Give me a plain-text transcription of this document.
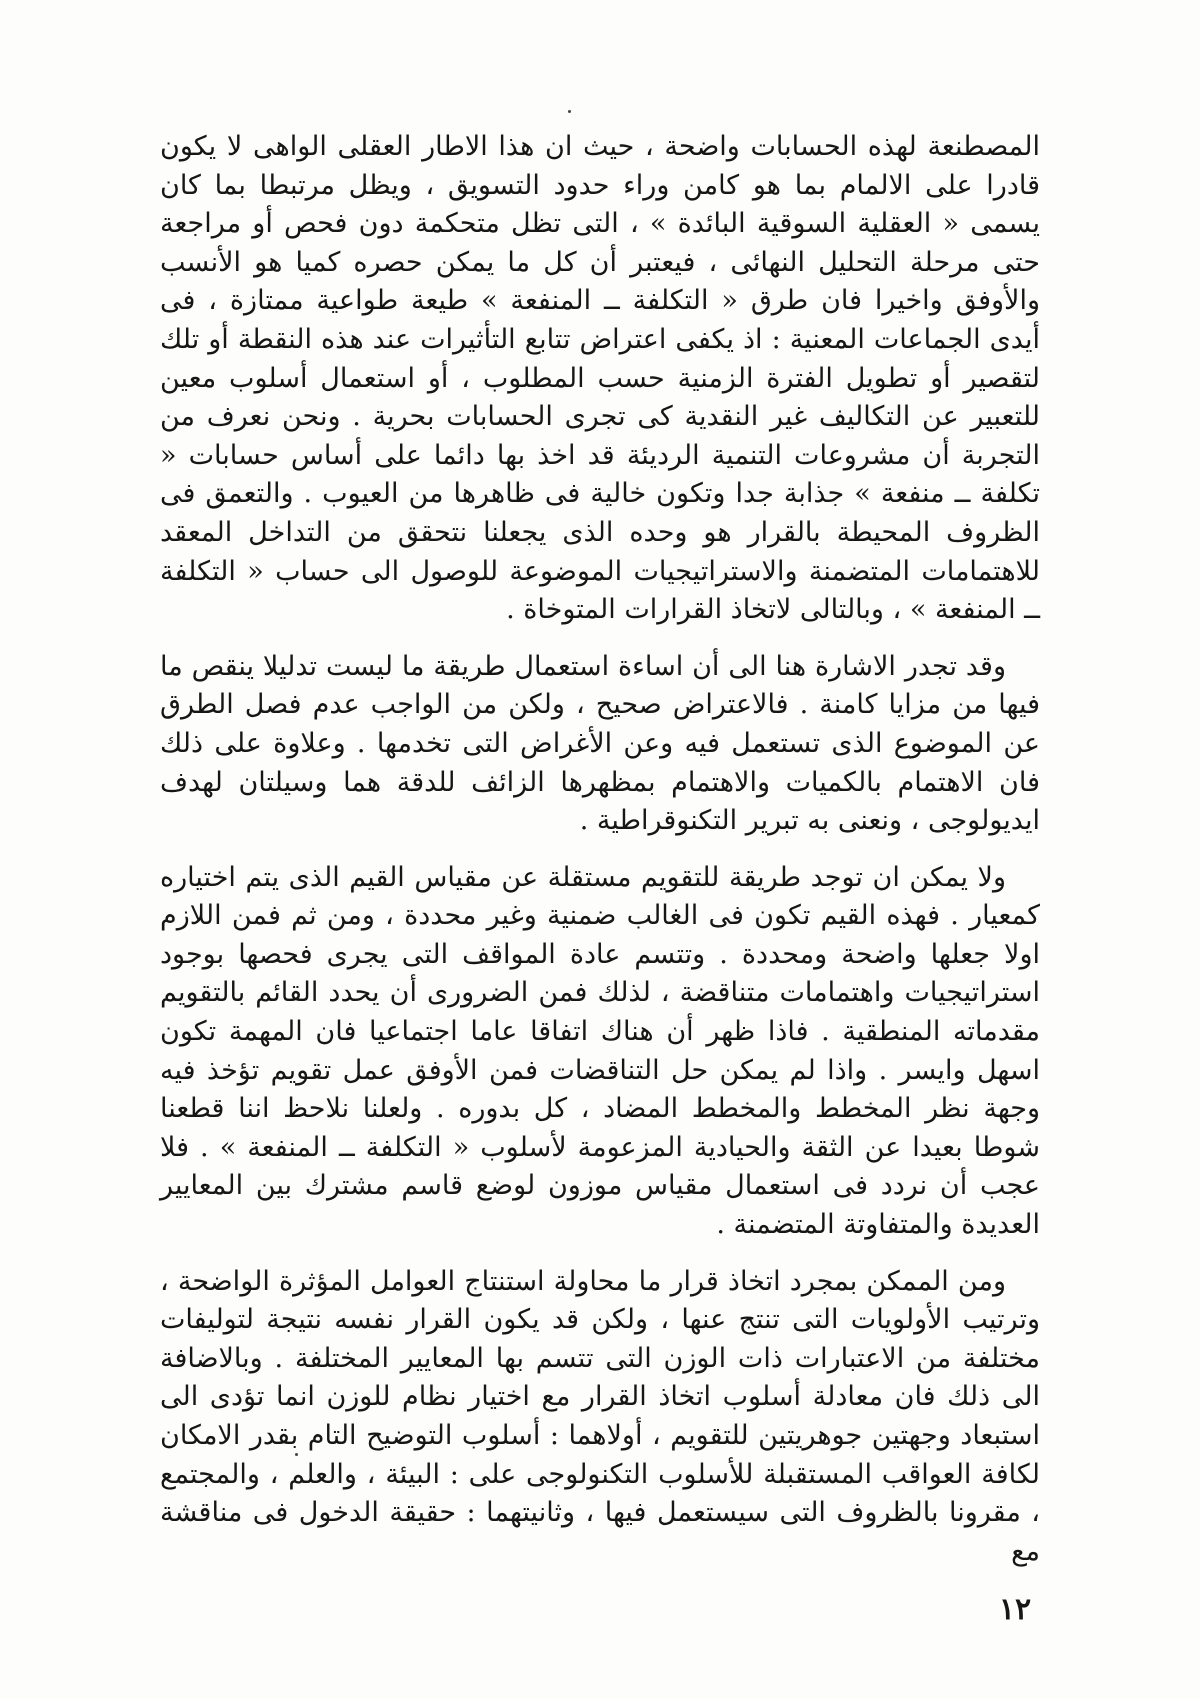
المصطنعة لهذه الحسابات واضحة ، حيث ان هذا الاطار العقلى الواهى لا يكون قادرا على الالمام بما هو كامن وراء حدود التسويق ، ويظل مرتبطا بما كان يسمى « العقلية السوقية البائدة » ، التى تظل متحكمة دون فحص أو مراجعة حتى مرحلة التحليل النهائى ، فيعتبر أن كل ما يمكن حصره كميا هو الأنسب والأوفق واخيرا فان طرق « التكلفة ــ المنفعة » طيعة طواعية ممتازة ، فى أيدى الجماعات المعنية : اذ يكفى اعتراض تتابع التأثيرات عند هذه النقطة أو تلك لتقصير أو تطويل الفترة الزمنية حسب المطلوب ، أو استعمال أسلوب معين للتعبير عن التكاليف غير النقدية كى تجرى الحسابات بحرية . ونحن نعرف من التجربة أن مشروعات التنمية الرديئة قد اخذ بها دائما على أساس حسابات « تكلفة ــ منفعة » جذابة جدا وتكون خالية فى ظاهرها من العيوب . والتعمق فى الظروف المحيطة بالقرار هو وحده الذى يجعلنا نتحقق من التداخل المعقد للاهتمامات المتضمنة والاستراتيجيات الموضوعة للوصول الى حساب « التكلفة ــ المنفعة » ، وبالتالى لاتخاذ القرارات المتوخاة .

وقد تجدر الاشارة هنا الى أن اساءة استعمال طريقة ما ليست تدليلا ينقص ما فيها من مزايا كامنة . فالاعتراض صحيح ، ولكن من الواجب عدم فصل الطرق عن الموضوع الذى تستعمل فيه وعن الأغراض التى تخدمها . وعلاوة على ذلك فان الاهتمام بالكميات والاهتمام بمظهرها الزائف للدقة هما وسيلتان لهدف ايديولوجى ، ونعنى به تبرير التكنوقراطية .

ولا يمكن ان توجد طريقة للتقويم مستقلة عن مقياس القيم الذى يتم اختياره كمعيار . فهذه القيم تكون فى الغالب ضمنية وغير محددة ، ومن ثم فمن اللازم اولا جعلها واضحة ومحددة . وتتسم عادة المواقف التى يجرى فحصها بوجود استراتيجيات واهتمامات متناقضة ، لذلك فمن الضرورى أن يحدد القائم بالتقويم مقدماته المنطقية . فاذا ظهر أن هناك اتفاقا عاما اجتماعيا فان المهمة تكون اسهل وايسر . واذا لم يمكن حل التناقضات فمن الأوفق عمل تقويم تؤخذ فيه وجهة نظر المخطط والمخطط المضاد ، كل بدوره . ولعلنا نلاحظ اننا قطعنا شوطا بعيدا عن الثقة والحيادية المزعومة لأسلوب « التكلفة ــ المنفعة » . فلا عجب أن نردد فى استعمال مقياس موزون لوضع قاسم مشترك بين المعايير العديدة والمتفاوتة المتضمنة .

ومن الممكن بمجرد اتخاذ قرار ما محاولة استنتاج العوامل المؤثرة الواضحة ، وترتيب الأولويات التى تنتج عنها ، ولكن قد يكون القرار نفسه نتيجة لتوليفات مختلفة من الاعتبارات ذات الوزن التى تتسم بها المعايير المختلفة . وبالاضافة الى ذلك فان معادلة أسلوب اتخاذ القرار مع اختيار نظام للوزن انما تؤدى الى استبعاد وجهتين جوهريتين للتقويم ، أولاهما : أسلوب التوضيح التام بقدر الامكان لكافة العواقب المستقبلة للأسلوب التكنولوجى على : البيئة ، والعلم ، والمجتمع ، مقرونا بالظروف التى سيستعمل فيها ، وثانيتهما : حقيقة الدخول فى مناقشة مع

١٢
